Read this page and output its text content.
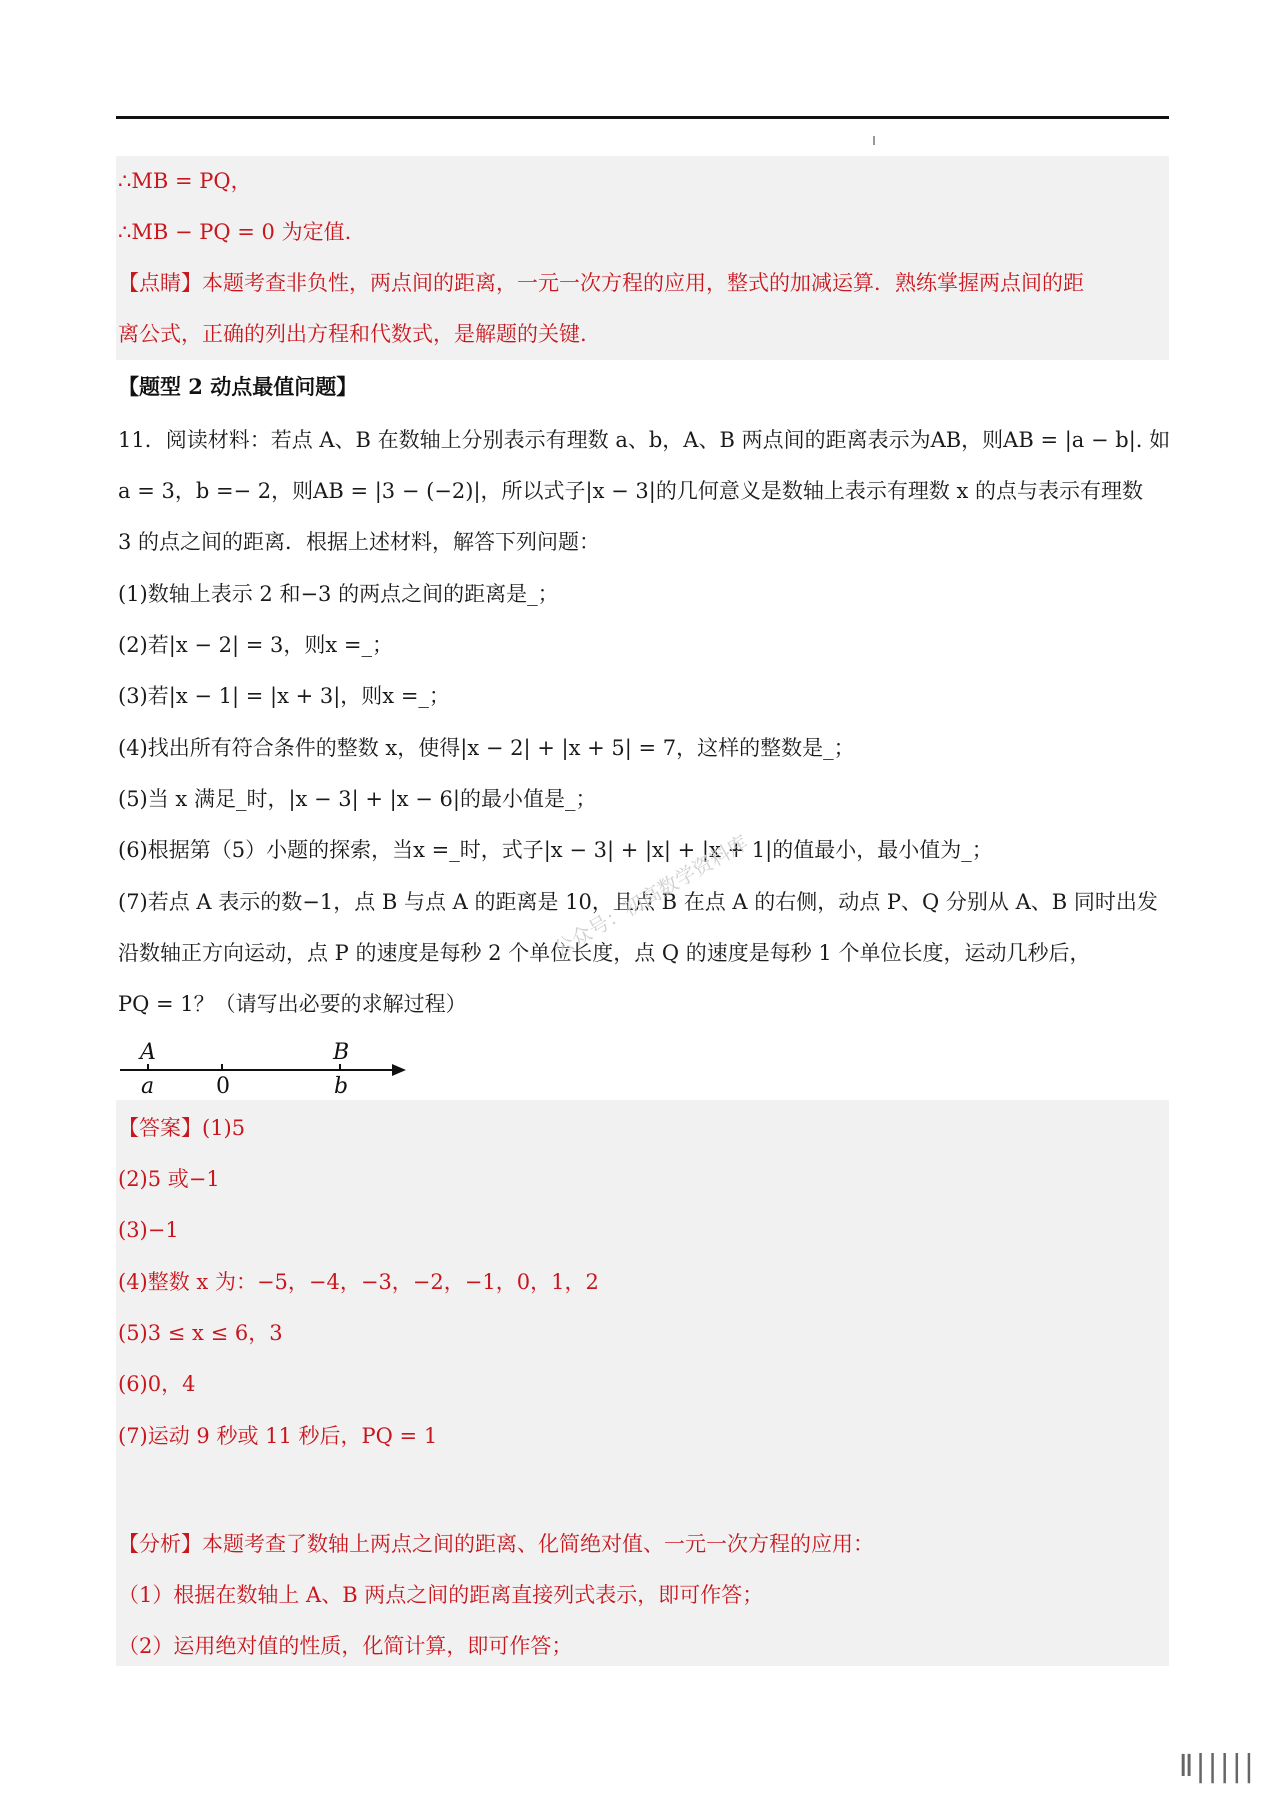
∴MB = PQ，
∴MB − PQ = 0 为定值.
【点睛】本题考查非负性，两点间的距离，一元一次方程的应用，整式的加减运算．熟练掌握两点间的距
离公式，正确的列出方程和代数式，是解题的关键.
【题型 2 动点最值问题】
11．阅读材料：若点 A、B 在数轴上分别表示有理数 a、b，A、B 两点间的距离表示为AB，则AB = |a − b|. 如
a = 3，b =− 2，则AB = |3 − (−2)|，所以式子|x − 3|的几何意义是数轴上表示有理数 x 的点与表示有理数
3 的点之间的距离．根据上述材料，解答下列问题：
(1)数轴上表示 2 和−3 的两点之间的距离是_；
(2)若|x − 2| = 3，则x =_；
(3)若|x − 1| = |x + 3|，则x =_；
(4)找出所有符合条件的整数 x，使得|x − 2| + |x + 5| = 7，这样的整数是_；
(5)当 x 满足_时，|x − 3| + |x − 6|的最小值是_；
(6)根据第（5）小题的探索，当x =_时，式子|x − 3| + |x| + |x + 1|的值最小，最小值为_；
(7)若点 A 表示的数−1，点 B 与点 A 的距离是 10，且点 B 在点 A 的右侧，动点 P、Q 分别从 A、B 同时出发
沿数轴正方向运动，点 P 的速度是每秒 2 个单位长度，点 Q 的速度是每秒 1 个单位长度，运动几秒后，
PQ = 1？（请写出必要的求解过程）
A	B
a	0	b
【答案】(1)5
(2)5 或−1
(3)−1
(4)整数 x 为：−5，−4，−3，−2，−1，0，1，2
(5)3 ≤ x ≤ 6，3
(6)0，4
(7)运动 9 秒或 11 秒后，PQ = 1
【分析】本题考查了数轴上两点之间的距离、化简绝对值、一元一次方程的应用：
（1）根据在数轴上 A、B 两点之间的距离直接列式表示，即可作答；
（2）运用绝对值的性质，化简计算，即可作答；
公众号：初高数学资料库
Ⅱ|||||
